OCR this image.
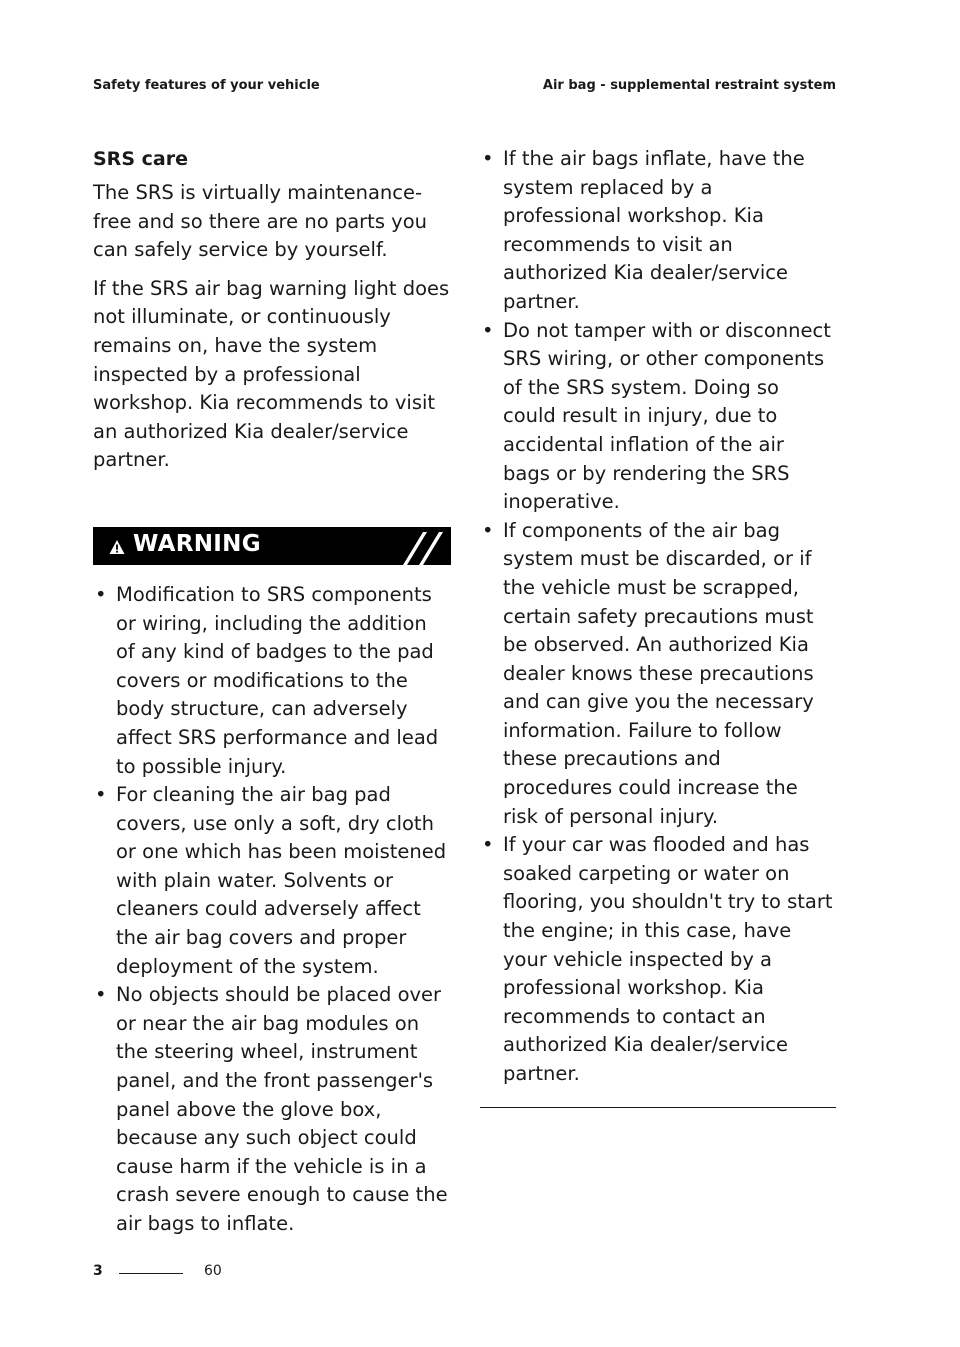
Safety features of your vehicle	Air bag - supplemental restraint system
SRS care

The SRS is virtually maintenance-free and so there are no parts you can safely service by yourself.

If the SRS air bag warning light does not illuminate, or continuously remains on, have the system inspected by a professional workshop. Kia recommends to visit an authorized Kia dealer/service partner.

WARNING
• Modification to SRS components or wiring, including the addition of any kind of badges to the pad covers or modifications to the body structure, can adversely affect SRS performance and lead to possible injury.
• For cleaning the air bag pad covers, use only a soft, dry cloth or one which has been moistened with plain water. Solvents or cleaners could adversely affect the air bag covers and proper deployment of the system.
• No objects should be placed over or near the air bag modules on the steering wheel, instrument panel, and the front passenger's panel above the glove box, because any such object could cause harm if the vehicle is in a crash severe enough to cause the air bags to inflate.
• If the air bags inflate, have the system replaced by a professional workshop. Kia recommends to visit an authorized Kia dealer/service partner.
• Do not tamper with or disconnect SRS wiring, or other components of the SRS system. Doing so could result in injury, due to accidental inflation of the air bags or by rendering the SRS inoperative.
• If components of the air bag system must be discarded, or if the vehicle must be scrapped, certain safety precautions must be observed. An authorized Kia dealer knows these precautions and can give you the necessary information. Failure to follow these precautions and procedures could increase the risk of personal injury.
• If your car was flooded and has soaked carpeting or water on flooring, you shouldn't try to start the engine; in this case, have your vehicle inspected by a professional workshop. Kia recommends to contact an authorized Kia dealer/service partner.
3	60
